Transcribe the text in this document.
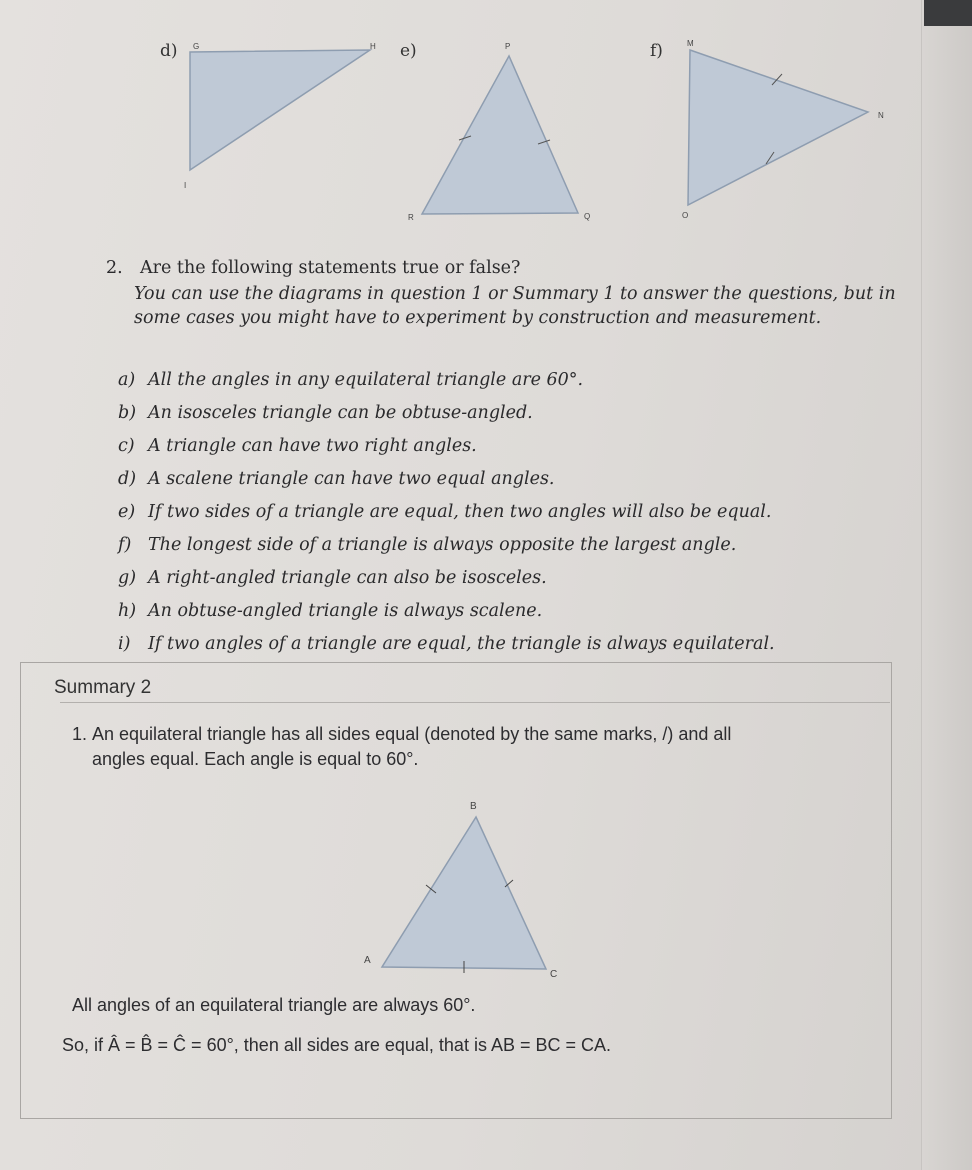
d) G	H
I
e)	P
R	Q
f)	M
N
O
2. Are the following statements true or false?
You can use the diagrams in question 1 or Summary 1 to answer the questions, but in some cases you might have to experiment by construction and measurement.
a) All the angles in any equilateral triangle are 60°.
b) An isosceles triangle can be obtuse-angled.
c) A triangle can have two right angles.
d) A scalene triangle can have two equal angles.
e) If two sides of a triangle are equal, then two angles will also be equal.
f) The longest side of a triangle is always opposite the largest angle.
g) A right-angled triangle can also be isosceles.
h) An obtuse-angled triangle is always scalene.
i) If two angles of a triangle are equal, the triangle is always equilateral.
Summary 2
1. An equilateral triangle has all sides equal (denoted by the same marks, /) and all
angles equal. Each angle is equal to 60°.
B
A
C
All angles of an equilateral triangle are always 60°.
So, if Â = B̂ = Ĉ = 60°, then all sides are equal, that is AB = BC = CA.
